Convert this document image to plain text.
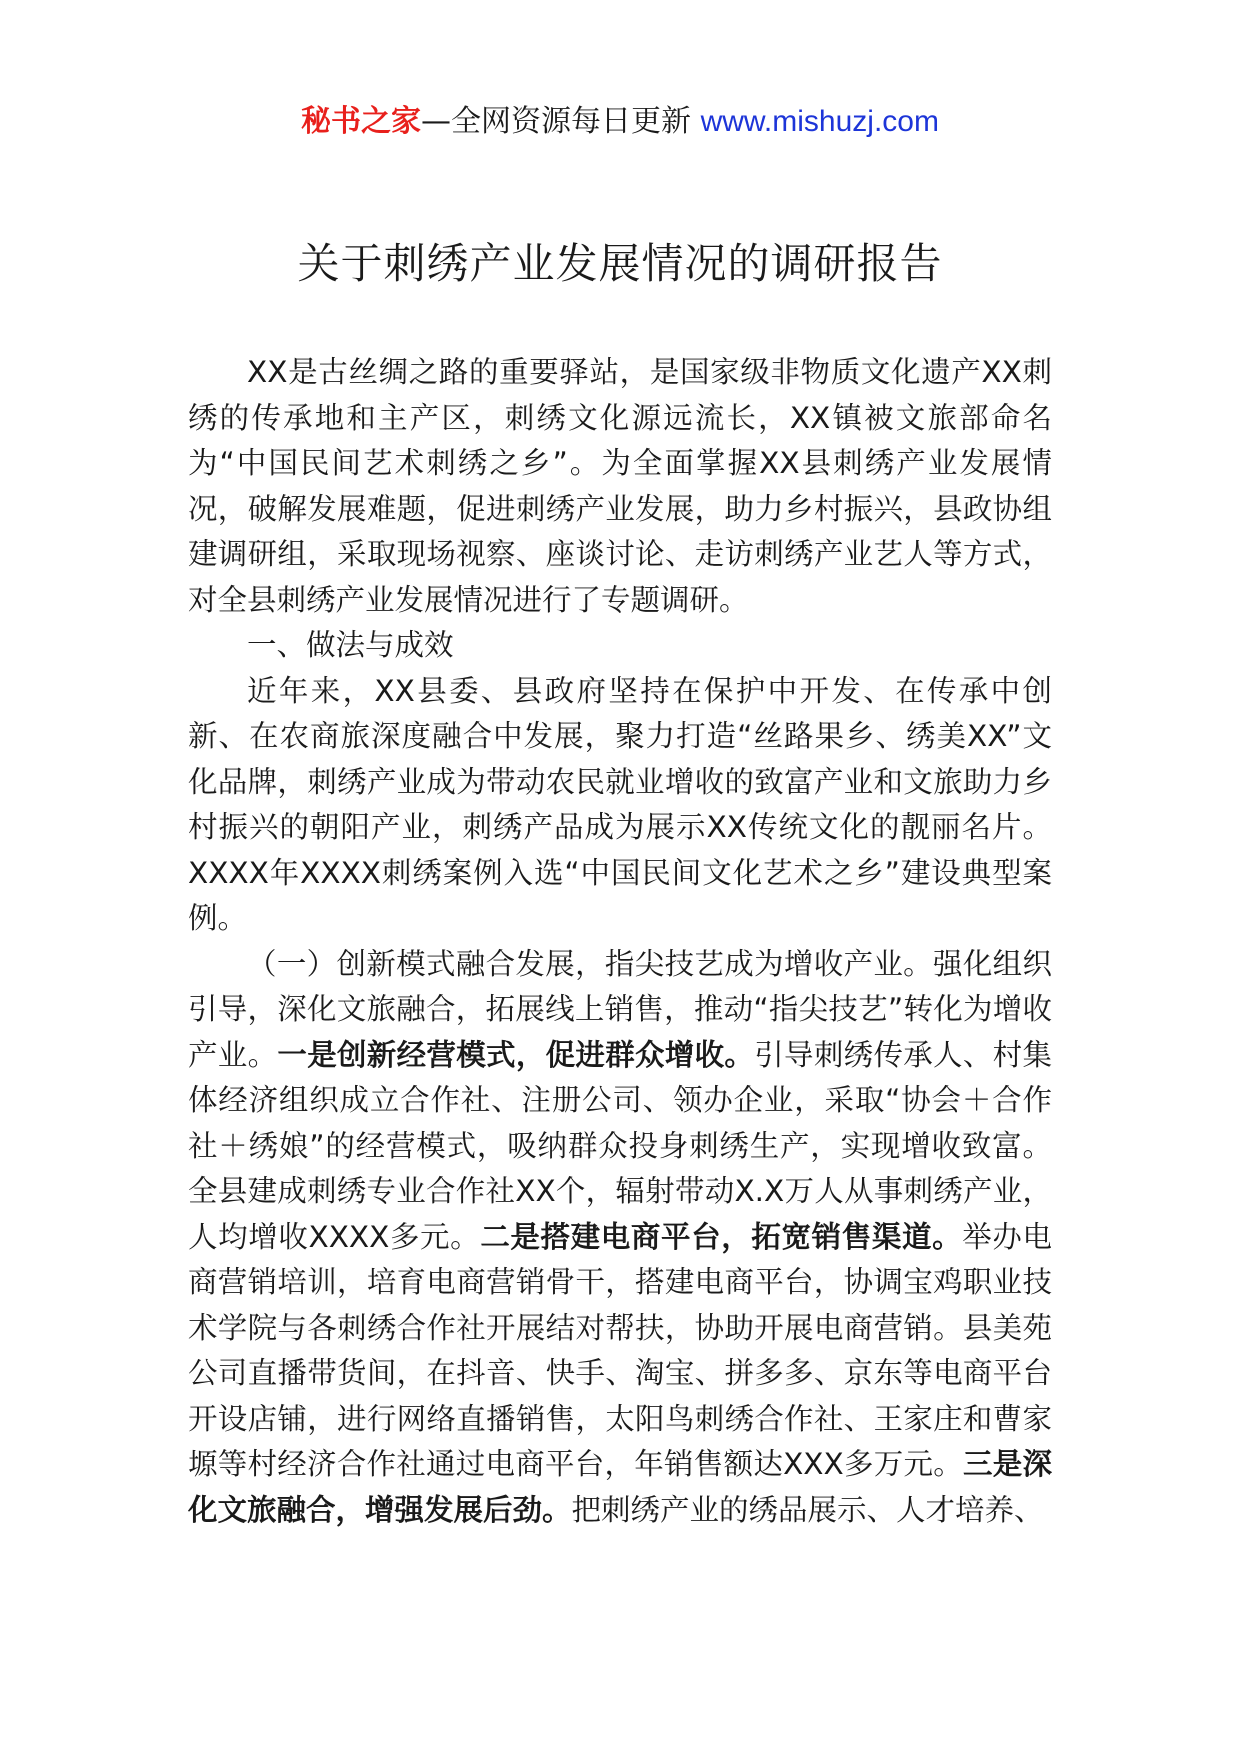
秘书之家—全网资源每日更新 www.mishuzj.com
关于刺绣产业发展情况的调研报告

XX是古丝绸之路的重要驿站，是国家级非物质文化遗产XX刺绣的传承地和主产区，刺绣文化源远流长，XX镇被文旅部命名为“中国民间艺术刺绣之乡”。为全面掌握XX县刺绣产业发展情况，破解发展难题，促进刺绣产业发展，助力乡村振兴，县政协组建调研组，采取现场视察、座谈讨论、走访刺绣产业艺人等方式，对全县刺绣产业发展情况进行了专题调研。

一、做法与成效

近年来，XX县委、县政府坚持在保护中开发、在传承中创新、在农商旅深度融合中发展，聚力打造“丝路果乡、绣美XX”文化品牌，刺绣产业成为带动农民就业增收的致富产业和文旅助力乡村振兴的朝阳产业，刺绣产品成为展示XX传统文化的靓丽名片。XXXX年XXXX刺绣案例入选“中国民间文化艺术之乡”建设典型案例。

（一）创新模式融合发展，指尖技艺成为增收产业。强化组织引导，深化文旅融合，拓展线上销售，推动“指尖技艺”转化为增收产业。一是创新经营模式，促进群众增收。引导刺绣传承人、村集体经济组织成立合作社、注册公司、领办企业，采取“协会＋合作社＋绣娘”的经营模式，吸纳群众投身刺绣生产，实现增收致富。全县建成刺绣专业合作社XX个，辐射带动X.X万人从事刺绣产业，人均增收XXXX多元。二是搭建电商平台，拓宽销售渠道。举办电商营销培训，培育电商营销骨干，搭建电商平台，协调宝鸡职业技术学院与各刺绣合作社开展结对帮扶，协助开展电商营销。县美苑公司直播带货间，在抖音、快手、淘宝、拼多多、京东等电商平台开设店铺，进行网络直播销售，太阳鸟刺绣合作社、王家庄和曹家塬等村经济合作社通过电商平台，年销售额达XXX多万元。三是深化文旅融合，增强发展后劲。把刺绣产业的绣品展示、人才培养、
